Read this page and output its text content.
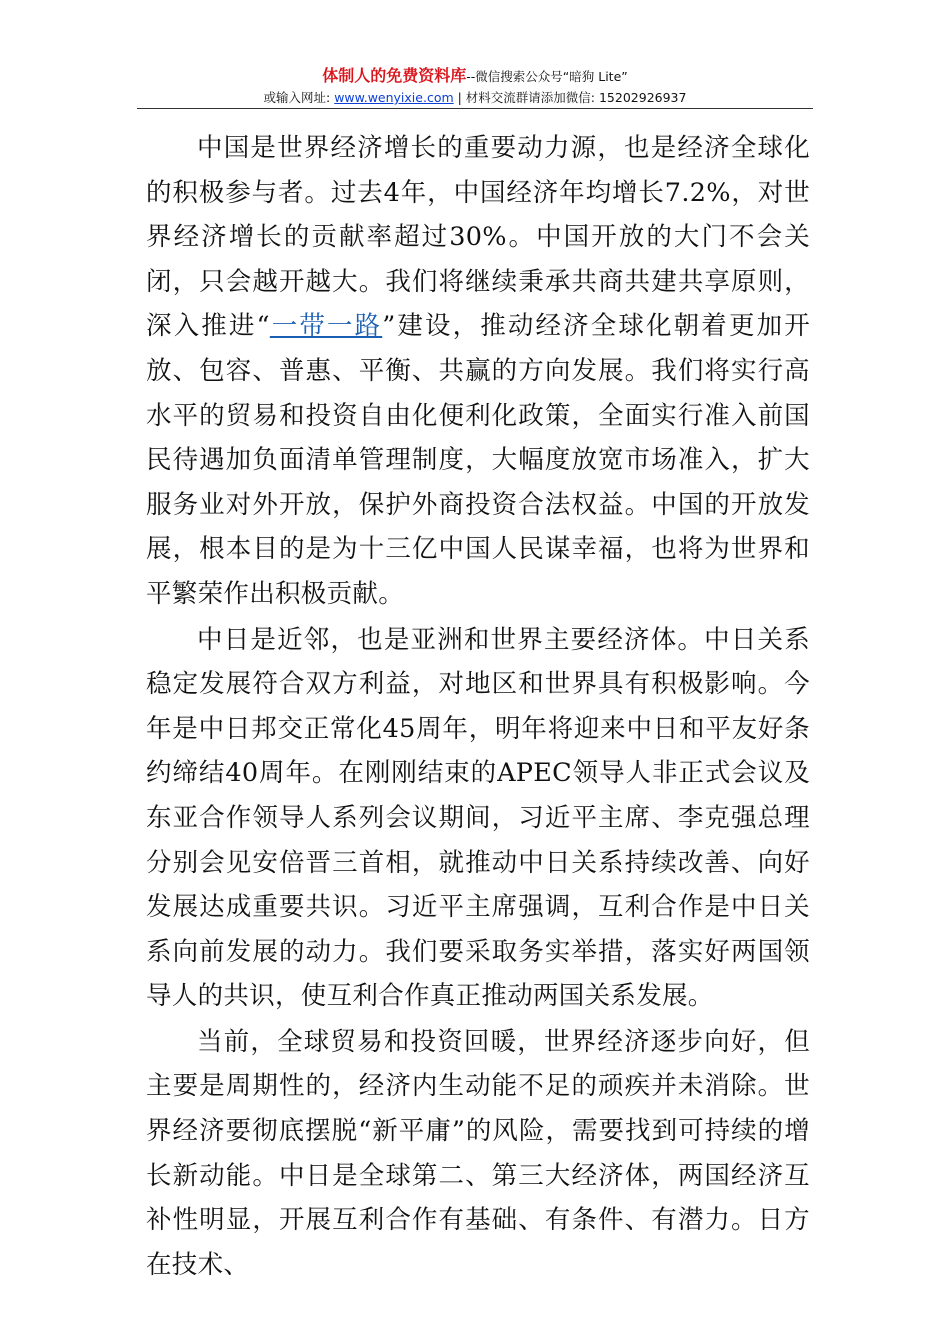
体制人的免费资料库--微信搜索公众号“暗狗 Lite”
或输入网址: www.wenyixie.com | 材料交流群请添加微信: 15202926937

中国是世界经济增长的重要动力源，也是经济全球化的积极参与者。过去4年，中国经济年均增长7.2%，对世界经济增长的贡献率超过30%。中国开放的大门不会关闭，只会越开越大。我们将继续秉承共商共建共享原则，深入推进“一带一路”建设，推动经济全球化朝着更加开放、包容、普惠、平衡、共赢的方向发展。我们将实行高水平的贸易和投资自由化便利化政策，全面实行准入前国民待遇加负面清单管理制度，大幅度放宽市场准入，扩大服务业对外开放，保护外商投资合法权益。中国的开放发展，根本目的是为十三亿中国人民谋幸福，也将为世界和平繁荣作出积极贡献。

中日是近邻，也是亚洲和世界主要经济体。中日关系稳定发展符合双方利益，对地区和世界具有积极影响。今年是中日邦交正常化45周年，明年将迎来中日和平友好条约缔结40周年。在刚刚结束的APEC领导人非正式会议及东亚合作领导人系列会议期间，习近平主席、李克强总理分别会见安倍晋三首相，就推动中日关系持续改善、向好发展达成重要共识。习近平主席强调，互利合作是中日关系向前发展的动力。我们要采取务实举措，落实好两国领导人的共识，使互利合作真正推动两国关系发展。

当前，全球贸易和投资回暖，世界经济逐步向好，但主要是周期性的，经济内生动能不足的顽疾并未消除。世界经济要彻底摆脱“新平庸”的风险，需要找到可持续的增长新动能。中日是全球第二、第三大经济体，两国经济互补性明显，开展互利合作有基础、有条件、有潜力。日方在技术、
